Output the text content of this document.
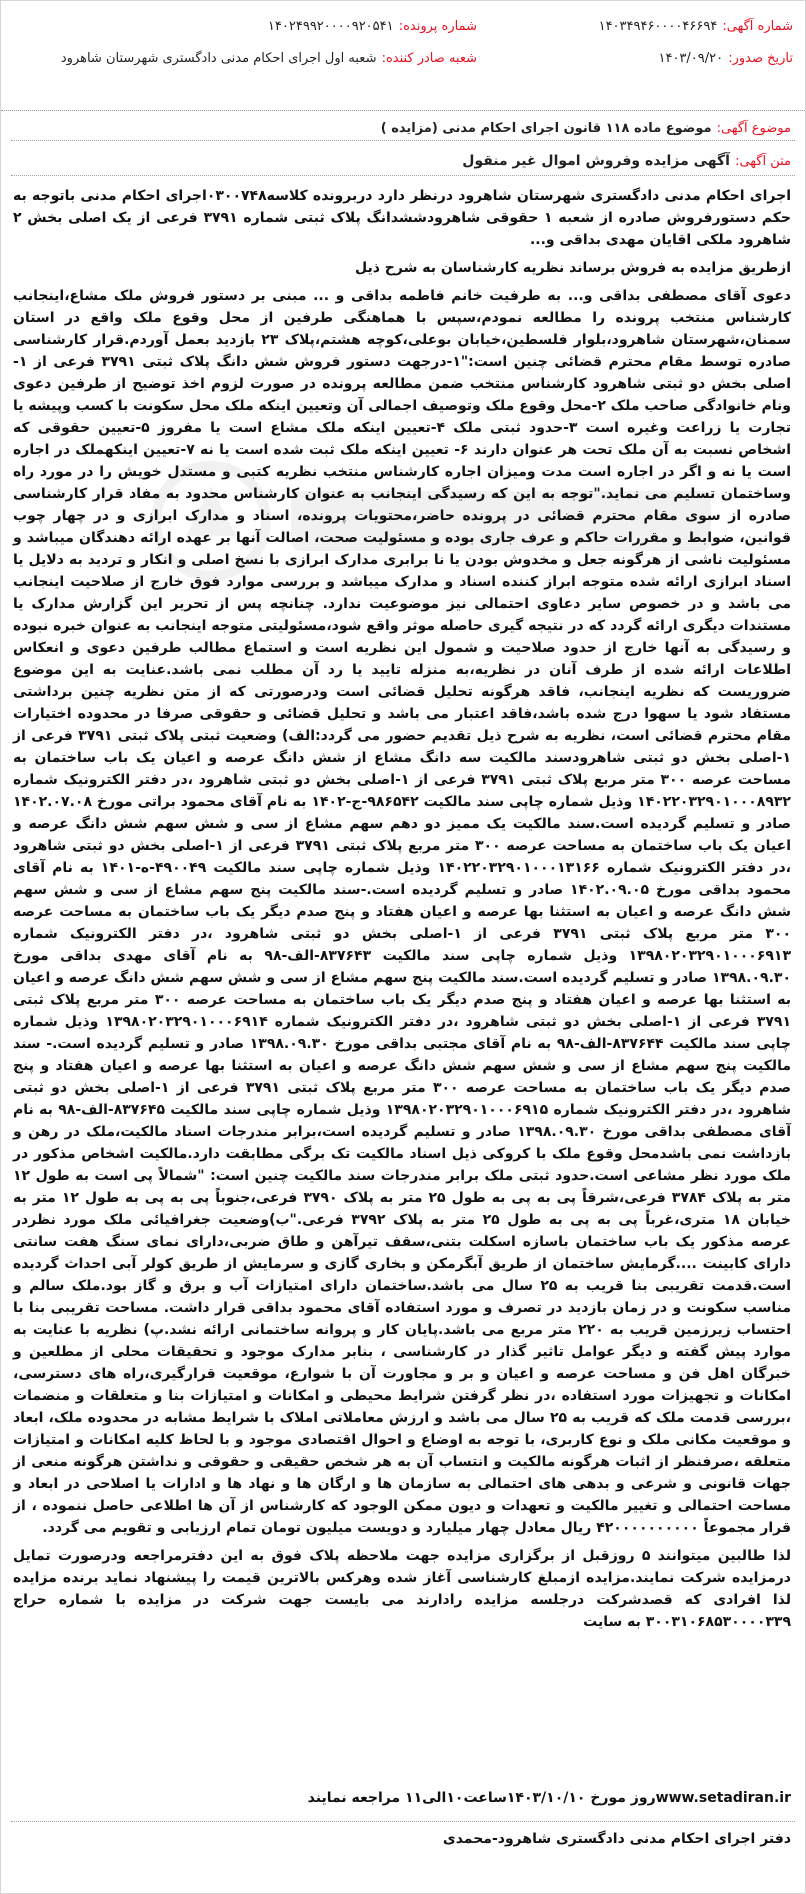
شماره آگهی: ۱۴۰۳۴۹۴۶۰۰۰۰۴۶۶۹۴
شماره پرونده: ۱۴۰۲۴۹۹۲۰۰۰۰۹۲۰۵۴۱
تاریخ صدور: ۱۴۰۳/۰۹/۲۰
شعبه صادر کننده: شعبه اول اجرای احکام مدنی دادگستری شهرستان شاهرود
موضوع آگهی: موضوع ماده ۱۱۸ قانون اجرای احکام مدنی (مزایده )
متن آگهی: آگهی مزایده وفروش اموال غیر منقول

اجرای احکام مدنی دادگستری شهرستان شاهرود درنظر دارد دربرونده کلاسه۰۳۰۰۷۴۸اجرای احکام مدنی باتوجه به حکم دستورفروش صادره از شعبه ۱ حقوقی شاهرودششدانگ پلاک ثبتی شماره ۳۷۹۱ فرعی از یک اصلی بخش ۲ شاهرود ملکی اقایان مهدی بداقی و...

ازطریق مزایده به فروش برساند نظریه کارشناسان به شرح ذیل

دعوی آقای مصطفی بداقی و... به طرفیت خانم فاطمه بداقی و ... مبنی بر دستور فروش ملک مشاع،اینجانب کارشناس منتخب پرونده را مطالعه نمودم،سپس با هماهنگی طرفین از محل وقوع ملک واقع در استان سمنان،شهرستان شاهرود،بلوار فلسطین،خیابان بوعلی،کوچه هشتم،پلاک ۲۳ بازدید بعمل آوردم.قرار کارشناسی صادره توسط مقام محترم قضائی چنین است:"۱-درجهت دستور فروش شش دانگ پلاک ثبتی ۳۷۹۱ فرعی از ۱-اصلی بخش دو ثبتی شاهرود کارشناس منتخب ضمن مطالعه پرونده در صورت لزوم اخذ توضیح از طرفین دعوی ونام خانوادگی صاحب ملک ۲-محل وقوع ملک وتوصیف اجمالی آن وتعیین اینکه ملک محل سکونت با کسب وپیشه یا تجارت یا زراعت وغیره است ۳-حدود ثبتی ملک ۴-تعیین اینکه ملک مشاع است یا مفروز ۵-تعیین حقوقی که اشخاص نسبت به آن ملک تحت هر عنوان دارند ۶- تعیین اینکه ملک ثبت شده است یا نه ۷-تعیین اینکهملک در اجاره است یا نه و اگر در اجاره است مدت ومیزان اجاره کارشناس منتخب نظریه کتبی و مستدل خویش را در مورد راه وساختمان تسلیم می نماید."توجه به این که رسیدگی اینجانب به عنوان کارشناس محدود به مفاد قرار کارشناسی صادره از سوی مقام محترم قضائی در پرونده حاضر،محتویات پرونده، اسناد و مدارک ابرازی و در چهار چوب قوانین، ضوابط و مقررات حاکم و عرف جاری بوده و مسئولیت صحت، اصالت آنها بر عهده ارائه دهندگان میباشد و مسئولیت ناشی از هرگونه جعل و مخدوش بودن یا نا برابری مدارک ابرازی با نسخ اصلی و انکار و تردید به دلایل یا اسناد ابرازی ارائه شده متوجه ابراز کننده اسناد و مدارک میباشد و بررسی موارد فوق خارج از صلاحیت اینجانب می باشد و در خصوص سایر دعاوی احتمالی نیز موضوعیت ندارد. چنانچه پس از تحریر این گزارش مدارک یا مستندات دیگری ارائه گردد که در نتیجه گیری حاصله موثر واقع شود،مسئولیتی متوجه اینجانب به عنوان خبره نبوده و رسیدگی به آنها خارج از حدود صلاحیت و شمول این نظریه است و استماع مطالب طرفین دعوی و انعکاس اطلاعات ارائه شده از طرف آنان در نظریه،به منزله تایید یا رد آن مطلب نمی باشد.عنایت به این موضوع ضروریست که نظریه اینجانب، فاقد هرگونه تحلیل قضائی است ودرصورتی که از متن نظریه چنین برداشتی مستفاد شود یا سهوا درج شده باشد،فاقد اعتبار می باشد و تحلیل قضائی و حقوقی صرفا در محدوده اختیارات مقام محترم قضائی است، نظریه به شرح ذیل تقدیم حضور می گردد:الف) وضعیت ثبتی پلاک ثبتی ۳۷۹۱ فرعی از ۱-اصلی بخش دو ثبتی شاهرودسند مالکیت سه دانگ مشاع از شش دانگ عرصه و اعیان یک باب ساختمان به مساحت عرصه ۳۰۰ متر مربع پلاک ثبتی ۳۷۹۱ فرعی از ۱-اصلی بخش دو ثبتی شاهرود ،در دفتر الکترونیک شماره ۱۴۰۲۲۰۳۲۹۰۱۰۰۰۸۹۳۲ وذیل شماره چاپی سند مالکیت ۹۸۶۵۴۲-ج-۱۴۰۲ به نام آقای محمود براتی مورخ ۱۴۰۲.۰۷.۰۸ صادر و تسلیم گردیده است.سند مالکیت یک ممیز دو دهم سهم مشاع از سی و شش سهم شش دانگ عرصه و اعیان یک باب ساختمان به مساحت عرصه ۳۰۰ متر مربع پلاک ثبتی ۳۷۹۱ فرعی از ۱-اصلی بخش دو ثبتی شاهرود ،در دفتر الکترونیک شماره ۱۴۰۲۲۰۳۲۹۰۱۰۰۰۱۳۱۶۶ وذیل شماره چاپی سند مالکیت ۴۹۰۰۴۹-ه-۱۴۰۱ به نام آقای محمود بداقی مورخ ۱۴۰۲.۰۹.۰۵ صادر و تسلیم گردیده است.-سند مالکیت پنج سهم مشاع از سی و شش سهم شش دانگ عرصه و اعیان به استثنا بها عرصه و اعیان هفتاد و پنج صدم دیگر یک باب ساختمان به مساحت عرصه ۳۰۰ متر مربع پلاک ثبتی ۳۷۹۱ فرعی از ۱-اصلی بخش دو ثبتی شاهرود ،در دفتر الکترونیک شماره ۱۳۹۸۰۲۰۳۲۹۰۱۰۰۰۶۹۱۳ وذیل شماره چاپی سند مالکیت ۸۳۷۶۴۳-الف-۹۸ به نام آقای مهدی بداقی مورخ ۱۳۹۸.۰۹.۳۰ صادر و تسلیم گردیده است.سند مالکیت پنج سهم مشاع از سی و شش سهم شش دانگ عرصه و اعیان به استثنا بها عرصه و اعیان هفتاد و پنج صدم دیگر یک باب ساختمان به مساحت عرصه ۳۰۰ متر مربع پلاک ثبتی ۳۷۹۱ فرعی از ۱-اصلی بخش دو ثبتی شاهرود ،در دفتر الکترونیک شماره ۱۳۹۸۰۲۰۳۲۹۰۱۰۰۰۶۹۱۴ وذیل شماره چاپی سند مالکیت ۸۳۷۶۴۴-الف-۹۸ به نام آقای مجتبی بداقی مورخ ۱۳۹۸.۰۹.۳۰ صادر و تسلیم گردیده است.- سند مالکیت پنج سهم مشاع از سی و شش سهم شش دانگ عرصه و اعیان به استثنا بها عرصه و اعیان هفتاد و پنج صدم دیگر یک باب ساختمان به مساحت عرصه ۳۰۰ متر مربع پلاک ثبتی ۳۷۹۱ فرعی از ۱-اصلی بخش دو ثبتی شاهرود ،در دفتر الکترونیک شماره ۱۳۹۸۰۲۰۳۲۹۰۱۰۰۰۶۹۱۵ وذیل شماره چاپی سند مالکیت ۸۳۷۶۴۵-الف-۹۸ به نام آقای مصطفی بداقی مورخ ۱۳۹۸.۰۹.۳۰ صادر و تسلیم گردیده است،برابر مندرجات اسناد مالکیت،ملک در رهن و بازداشت نمی باشدمحل وقوع ملک با کروکی ذیل اسناد مالکیت تک برگی مطابقت دارد.مالکیت اشخاص مذکور در ملک مورد نظر مشاعی است.حدود ثبتی ملک برابر مندرجات سند مالکیت چنین است: "شمالاً پی است به طول ۱۲ متر به پلاک ۳۷۸۴ فرعی،شرقاً پی به پی به طول ۲۵ متر به پلاک ۳۷۹۰ فرعی،جنوباً پی به پی به طول ۱۲ متر به خیابان ۱۸ متری،غرباً پی به پی به طول ۲۵ متر به پلاک ۳۷۹۲ فرعی."ب)وضعیت جغرافیائی ملک مورد نظردر عرصه مذکور یک باب ساختمان باسازه اسکلت بتنی،سقف تیرآهن و طاق ضربی،دارای نمای سنگ هفت سانتی دارای کابینت ....گرمایش ساختمان از طریق آبگرمکن و بخاری گازی و سرمایش از طریق کولر آبی احداث گردیده است.قدمت تقریبی بنا قریب به ۲۵ سال می باشد.ساختمان دارای امتیازات آب و برق و گاز بود.ملک سالم و مناسب سکونت و در زمان بازدید در تصرف و مورد استفاده آقای محمود بداقی قرار داشت. مساحت تقریبی بنا با احتساب زیرزمین قریب به ۲۲۰ متر مربع می باشد.پایان کار و پروانه ساختمانی ارائه نشد.پ) نظریه با عنایت به موارد پیش گفته و دیگر عوامل تاثیر گذار در کارشناسی ، بنابر مدارک موجود و تحقیقات محلی از مطلعین و خبرگان اهل فن و مساحت عرصه و اعیان و بر و مجاورت آن با شوارع، موقعیت قرارگیری،راه های دسترسی، امکانات و تجهیزات مورد استفاده ،در نظر گرفتن شرایط محیطی و امکانات و امتیازات بنا و متعلقات و منضمات ،بررسی قدمت ملک که قریب به ۲۵ سال می باشد و ارزش معاملاتی املاک با شرایط مشابه در محدوده ملک، ابعاد و موقعیت مکانی ملک و نوع کاربری، با توجه به اوضاع و احوال اقتصادی موجود و با لحاظ کلیه امکانات و امتیازات متعلقه ،صرفنظر از اثبات هرگونه مالکیت و انتساب آن به هر شخص حقیقی و حقوقی و نداشتن هرگونه منعی از جهات قانونی و شرعی و بدهی های احتمالی به سازمان ها و ارگان ها و نهاد ها و ادارات یا اصلاحی در ابعاد و مساحت احتمالی و تغییر مالکیت و تعهدات و دیون ممکن الوجود که کارشناس از آن ها اطلاعی حاصل ننموده ، از قرار مجموعاً ۴۲۰۰۰۰۰۰۰۰۰۰ ریال معادل چهار میلیارد و دویست میلیون تومان تمام ارزیابی و تقویم می گردد.

لذا طالبین میتوانند ۵ روزقبل از برگزاری مزایده جهت ملاحظه پلاک فوق به این دفترمراجعه ودرصورت تمایل درمزایده شرکت نمایند.مزایده ازمبلغ کارشناسی آغاز شده وهرکس بالاترین قیمت را پیشنهاد نماید برنده مزایده لذا افرادی که قصدشرکت درجلسه مزایده رادارند می بایست جهت شرکت در مزایده با شماره حراج ۳۰۰۳۱۰۶۸۵۳۰۰۰۰۳۳۹ به سایت

www.setadiran.irروز مورخ ۱۴۰۳/۱۰/۱۰ساعت۱۰الی۱۱ مراجعه نمایند
دفتر اجرای احکام مدنی دادگستری شاهرود-محمدی
